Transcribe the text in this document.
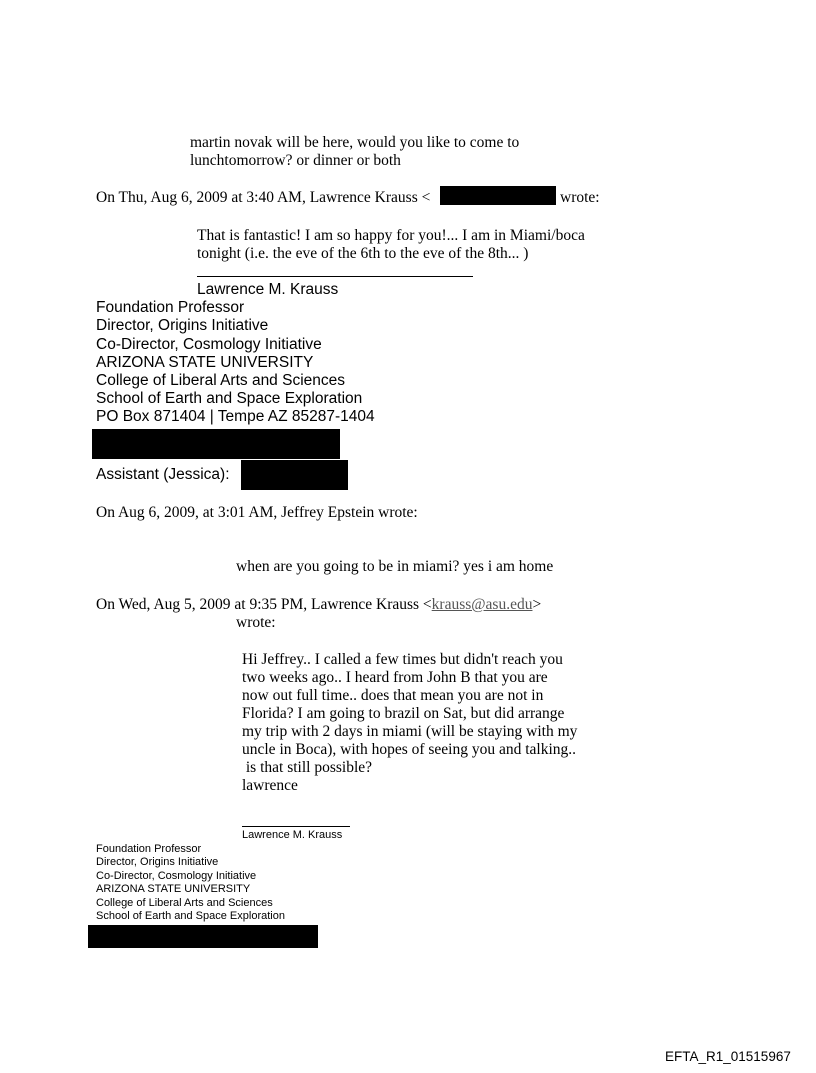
martin novak will be here, would you like to come to
lunchtomorrow? or dinner or both
On Thu, Aug 6, 2009 at 3:40 AM, Lawrence Krauss <	wrote:
That is fantastic! I am so happy for you!... I am in Miami/boca
tonight (i.e. the eve of the 6th to the eve of the 8th... )
Lawrence M. Krauss
Foundation Professor
Director, Origins Initiative
Co-Director, Cosmology Initiative
ARIZONA STATE UNIVERSITY
College of Liberal Arts and Sciences
School of Earth and Space Exploration
PO Box 871404 | Tempe AZ 85287-1404
Assistant (Jessica):
On Aug 6, 2009, at 3:01 AM, Jeffrey Epstein wrote:
when are you going to be in miami? yes i am home
On Wed, Aug 5, 2009 at 9:35 PM, Lawrence Krauss <krauss@asu.edu>
wrote:
Hi Jeffrey.. I called a few times but didn't reach you
two weeks ago.. I heard from John B that you are
now out full time.. does that mean you are not in
Florida? I am going to brazil on Sat, but did arrange
my trip with 2 days in miami (will be staying with my
uncle in Boca), with hopes of seeing you and talking..
is that still possible?
lawrence
Lawrence M. Krauss
Foundation Professor
Director, Origins Initiative
Co-Director, Cosmology Initiative
ARIZONA STATE UNIVERSITY
College of Liberal Arts and Sciences
School of Earth and Space Exploration
EFTA_R1_01515967
